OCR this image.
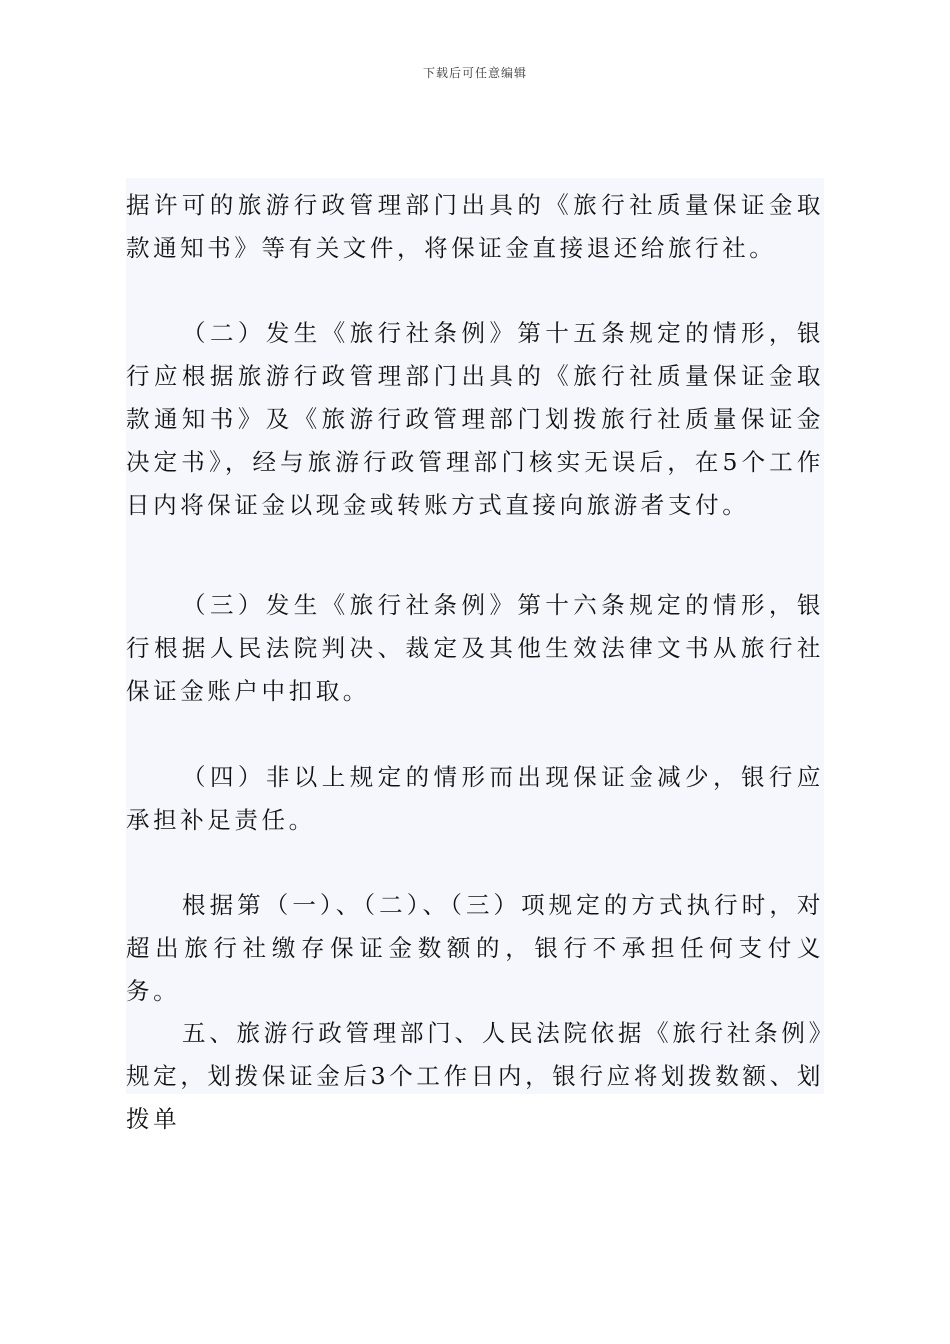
下载后可任意编辑

据许可的旅游行政管理部门出具的《旅行社质量保证金取款通知书》等有关文件，将保证金直接退还给旅行社。

（二）发生《旅行社条例》第十五条规定的情形，银行应根据旅游行政管理部门出具的《旅行社质量保证金取款通知书》及《旅游行政管理部门划拨旅行社质量保证金决定书》，经与旅游行政管理部门核实无误后，在5个工作日内将保证金以现金或转账方式直接向旅游者支付。

（三）发生《旅行社条例》第十六条规定的情形，银行根据人民法院判决、裁定及其他生效法律文书从旅行社保证金账户中扣取。

（四）非以上规定的情形而出现保证金减少，银行应承担补足责任。

根据第（一）、（二）、（三）项规定的方式执行时，对超出旅行社缴存保证金数额的，银行不承担任何支付义务。

五、旅游行政管理部门、人民法院依据《旅行社条例》规定，划拨保证金后3个工作日内，银行应将划拨数额、划拨单
